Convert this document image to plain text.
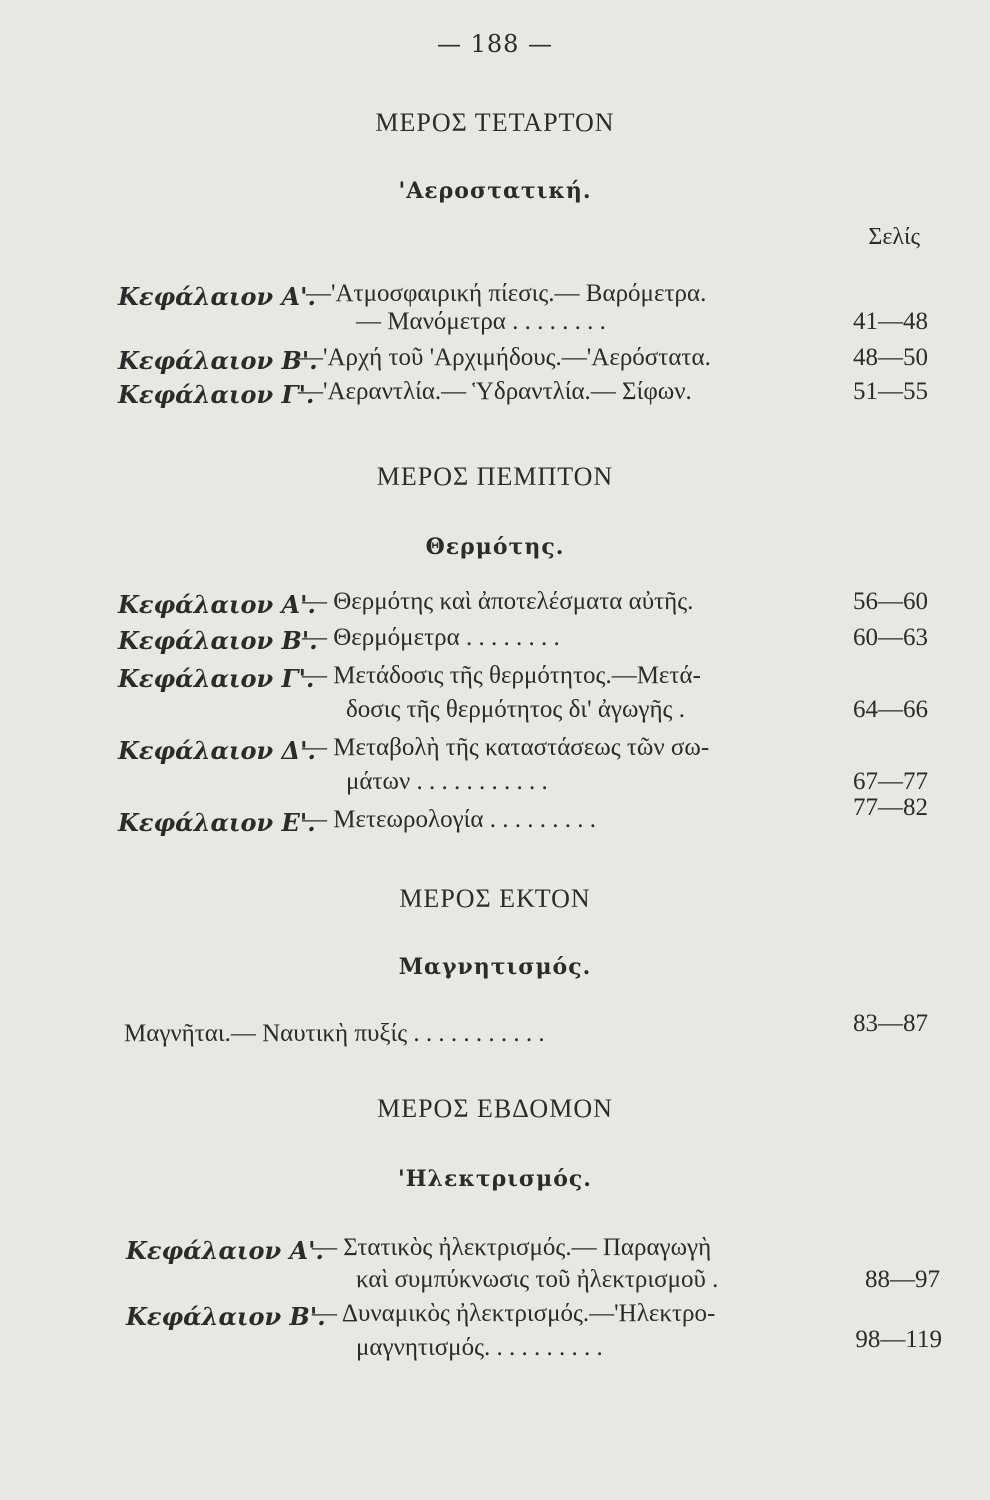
— 188 —
ΜΕΡΟΣ ΤΕΤΑΡΤΟΝ
'Αεροστατική.
Σελίς
Κεφάλαιον Α'.
—'Ατμοσφαιρική πίεσις.— Βαρόμετρα.
— Μανόμετρα . . . . . . . .	41—48
Κεφάλαιον Β'.
—'Αρχή τοῦ 'Αρχιμήδους.—'Αερόστατα.	48—50
Κεφάλαιον Γ'.
—'Αεραντλία.— Ὑδραντλία.— Σίφων.	51—55
ΜΕΡΟΣ ΠΕΜΠΤΟΝ
Θερμότης.
Κεφάλαιον Α'.
— Θερμότης καὶ ἀποτελέσματα αὐτῆς.	56—60
Κεφάλαιον Β'.
— Θερμόμετρα . . . . . . . .	60—63
Κεφάλαιον Γ'.
— Μετάδοσις τῆς θερμότητος.—Μετά-
δοσις τῆς θερμότητος δι' ἀγωγῆς .	64—66
Κεφάλαιον Δ'.
— Μεταβολὴ τῆς καταστάσεως τῶν σω-
μάτων . . . . . . . . . . .	67—77
Κεφάλαιον Ε'.
— Μετεωρολογία . . . . . . . . .	77—82
ΜΕΡΟΣ ΕΚΤΟΝ
Μαγνητισμός.
Μαγνῆται.— Ναυτικὴ πυξίς . . . . . . . . . . .	83—87
ΜΕΡΟΣ ΕΒΔΟΜΟΝ
'Ηλεκτρισμός.
Κεφάλαιον Α'.
— Στατικὸς ἠλεκτρισμός.— Παραγωγὴ
καὶ συμπύκνωσις τοῦ ἠλεκτρισμοῦ .	88—97
Κεφάλαιον Β'.
— Δυναμικὸς ἠλεκτρισμός.—'Ηλεκτρο-
μαγνητισμός. . . . . . . . . .	98—119
